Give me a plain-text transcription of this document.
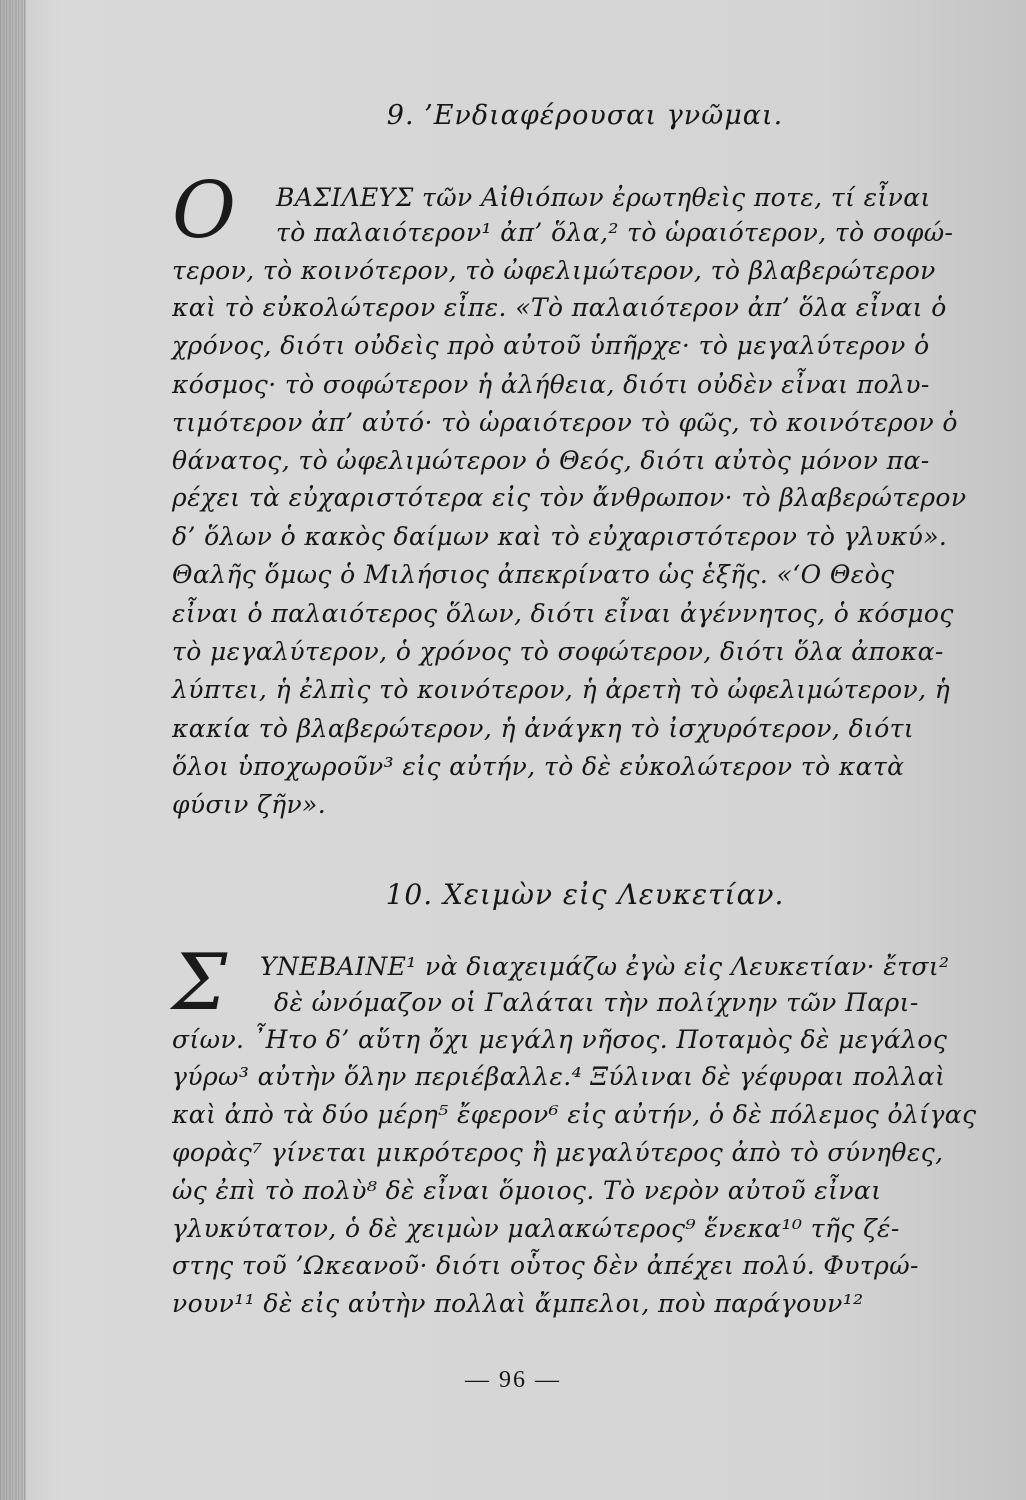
9. ’Ενδιαφέρουσαι γνῶμαι.
Ο ΒΑΣΙΛΕΥΣ τῶν Αἰθιόπων ἐρωτηθεὶς ποτε, τί εἶναι
τὸ παλαιότερον¹ ἀπ’ ὅλα,² τὸ ὡραιότερον, τὸ σοφώ-
τερον, τὸ κοινότερον, τὸ ὠφελιμώτερον, τὸ βλαβερώτερον
καὶ τὸ εὐκολώτερον εἶπε. «Τὸ παλαιότερον ἀπ’ ὅλα εἶναι ὁ
χρόνος, διότι οὐδεὶς πρὸ αὐτοῦ ὑπῆρχε· τὸ μεγαλύτερον ὁ
κόσμος· τὸ σοφώτερον ἡ ἀλήθεια, διότι οὐδὲν εἶναι πολυ-
τιμότερον ἀπ’ αὐτό· τὸ ὡραιότερον τὸ φῶς, τὸ κοινότερον ὁ
θάνατος, τὸ ὠφελιμώτερον ὁ Θεός, διότι αὐτὸς μόνον πα-
ρέχει τὰ εὐχαριστότερα εἰς τὸν ἄνθρωπον· τὸ βλαβερώτερον
δ’ ὅλων ὁ κακὸς δαίμων καὶ τὸ εὐχαριστότερον τὸ γλυκύ».
Θαλῆς ὅμως ὁ Μιλήσιος ἀπεκρίνατο ὡς ἑξῆς. «‘Ο Θεὸς
εἶναι ὁ παλαιότερος ὅλων, διότι εἶναι ἀγέννητος, ὁ κόσμος
τὸ μεγαλύτερον, ὁ χρόνος τὸ σοφώτερον, διότι ὅλα ἀποκα-
λύπτει, ἡ ἐλπὶς τὸ κοινότερον, ἡ ἀρετὴ τὸ ὠφελιμώτερον, ἡ
κακία τὸ βλαβερώτερον, ἡ ἀνάγκη τὸ ἰσχυρότερον, διότι
ὅλοι ὑποχωροῦν³ εἰς αὐτήν, τὸ δὲ εὐκολώτερον τὸ κατὰ
φύσιν ζῆν».
10. Χειμὼν εἰς Λευκετίαν.
Σ ΥΝΕΒΑΙΝΕ¹ νὰ διαχειμάζω ἐγὼ εἰς Λευκετίαν· ἔτσι²
δὲ ὠνόμαζον οἱ Γαλάται τὴν πολίχνην τῶν Παρι-
σίων. ῏Ητο δ’ αὕτη ὄχι μεγάλη νῆσος. Ποταμὸς δὲ μεγάλος
γύρω³ αὐτὴν ὅλην περιέβαλλε.⁴ Ξύλιναι δὲ γέφυραι πολλαὶ
καὶ ἀπὸ τὰ δύο μέρη⁵ ἔφερον⁶ εἰς αὐτήν, ὁ δὲ πόλεμος ὀλίγας
φορὰς⁷ γίνεται μικρότερος ἢ μεγαλύτερος ἀπὸ τὸ σύνηθες,
ὡς ἐπὶ τὸ πολὺ⁸ δὲ εἶναι ὅμοιος. Τὸ νερὸν αὐτοῦ εἶναι
γλυκύτατον, ὁ δὲ χειμὼν μαλακώτερος⁹ ἕνεκα¹⁰ τῆς ζέ-
στης τοῦ ’Ωκεανοῦ· διότι οὗτος δὲν ἀπέχει πολύ. Φυτρώ-
νουν¹¹ δὲ εἰς αὐτὴν πολλαὶ ἄμπελοι, ποὺ παράγουν¹²
— 96 —
